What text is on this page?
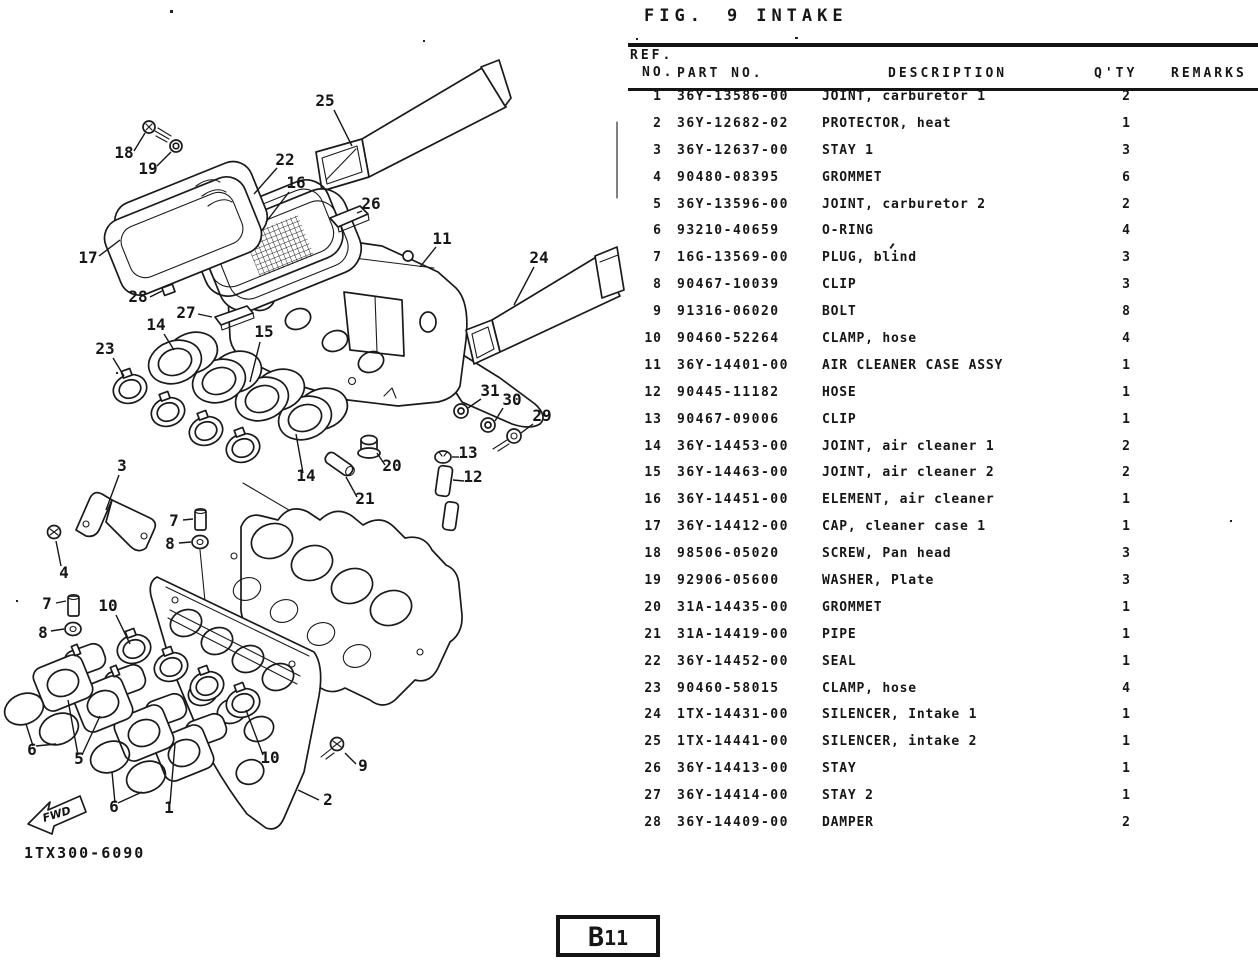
FWD
1TX300-6090
25
18
19	22
16
26
17
11
24
28
27
14	15
23
31 30
29
13
12
20
21
14
3
7
8
4
7
8
10
6 5
6
10	9
2
1
FIG. 9 INTAKE
REF.
NO. PART NO.	DESCRIPTION	Q'TY	REMARKS
1 36Y-13586-00	JOINT, carburetor 1	2
2 36Y-12682-02	PROTECTOR, heat	1
3 36Y-12637-00	STAY 1	3
4 90480-08395	GROMMET	6
5 36Y-13596-00	JOINT, carburetor 2	2
6 93210-40659	O-RING	4
7 16G-13569-00	PLUG, blind	3
8 90467-10039	CLIP	3
9 91316-06020	BOLT	8
10 90460-52264	CLAMP, hose	4
11 36Y-14401-00	AIR CLEANER CASE ASSY	1
12 90445-11182	HOSE	1
13 90467-09006	CLIP	1
14 36Y-14453-00	JOINT, air cleaner 1	2
15 36Y-14463-00	JOINT, air cleaner 2	2
16 36Y-14451-00	ELEMENT, air cleaner	1
17 36Y-14412-00	CAP, cleaner case 1	1
18 98506-05020	SCREW, Pan head	3
19 92906-05600	WASHER, Plate	3
20 31A-14435-00	GROMMET	1
21 31A-14419-00	PIPE	1
22 36Y-14452-00	SEAL	1
23 90460-58015	CLAMP, hose	4
24 1TX-14431-00	SILENCER, Intake 1	1
25 1TX-14441-00	SILENCER, intake 2	1
26 36Y-14413-00	STAY	1
27 36Y-14414-00	STAY 2	1
28 36Y-14409-00	DAMPER	2
B 11
